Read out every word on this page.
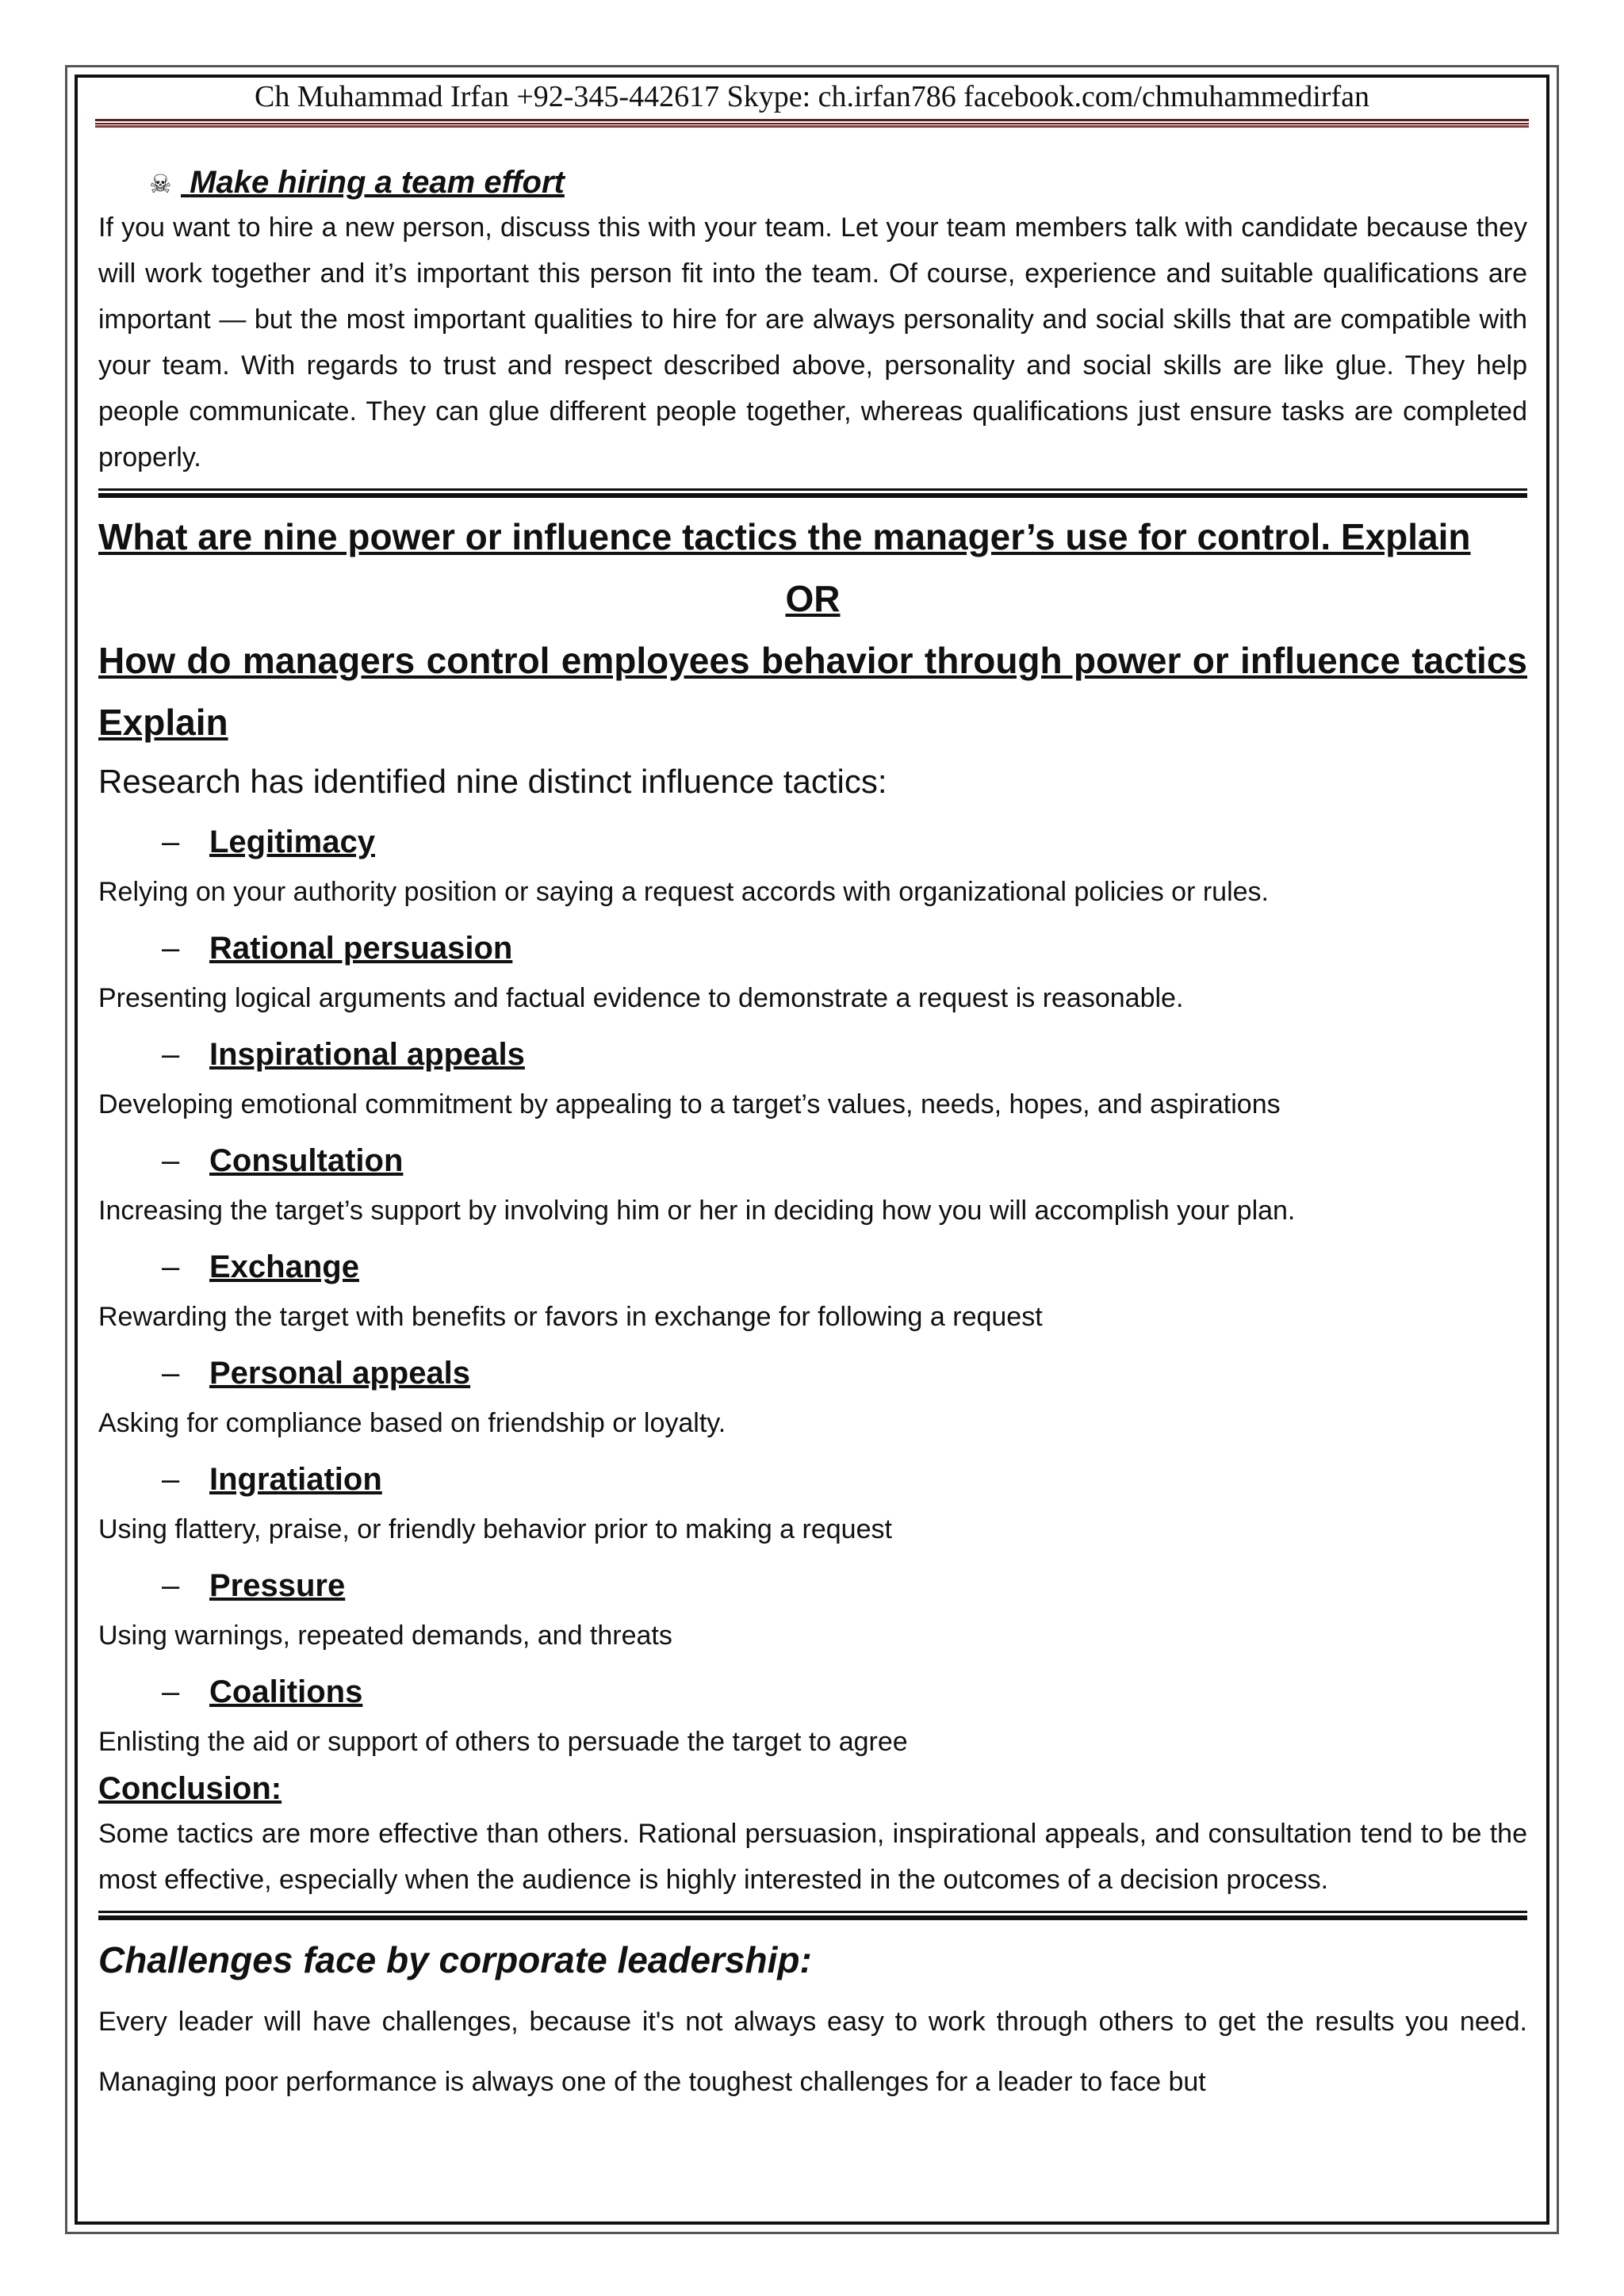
Ch Muhammad Irfan +92-345-442617 Skype: ch.irfan786 facebook.com/chmuhammedirfan
☠ Make hiring a team effort

If you want to hire a new person, discuss this with your team. Let your team members talk with candidate because they will work together and it’s important this person fit into the team. Of course, experience and suitable qualifications are important — but the most important qualities to hire for are always personality and social skills that are compatible with your team. With regards to trust and respect described above, personality and social skills are like glue. They help people communicate. They can glue different people together, whereas qualifications just ensure tasks are completed properly.

What are nine power or influence tactics the manager’s use for control. Explain

OR

How do managers control employees behavior through power or influence tactics Explain

Research has identified nine distinct influence tactics:

– Legitimacy

Relying on your authority position or saying a request accords with organizational policies or rules.

– Rational persuasion

Presenting logical arguments and factual evidence to demonstrate a request is reasonable.

– Inspirational appeals

Developing emotional commitment by appealing to a target’s values, needs, hopes, and aspirations

– Consultation

Increasing the target’s support by involving him or her in deciding how you will accomplish your plan.

– Exchange

Rewarding the target with benefits or favors in exchange for following a request

– Personal appeals

Asking for compliance based on friendship or loyalty.

– Ingratiation

Using flattery, praise, or friendly behavior prior to making a request

– Pressure

Using warnings, repeated demands, and threats

– Coalitions

Enlisting the aid or support of others to persuade the target to agree

Conclusion:

Some tactics are more effective than others. Rational persuasion, inspirational appeals, and consultation tend to be the most effective, especially when the audience is highly interested in the outcomes of a decision process.

Challenges face by corporate leadership:

Every leader will have challenges, because it's not always easy to work through others to get the results you need. Managing poor performance is always one of the toughest challenges for a leader to face but
